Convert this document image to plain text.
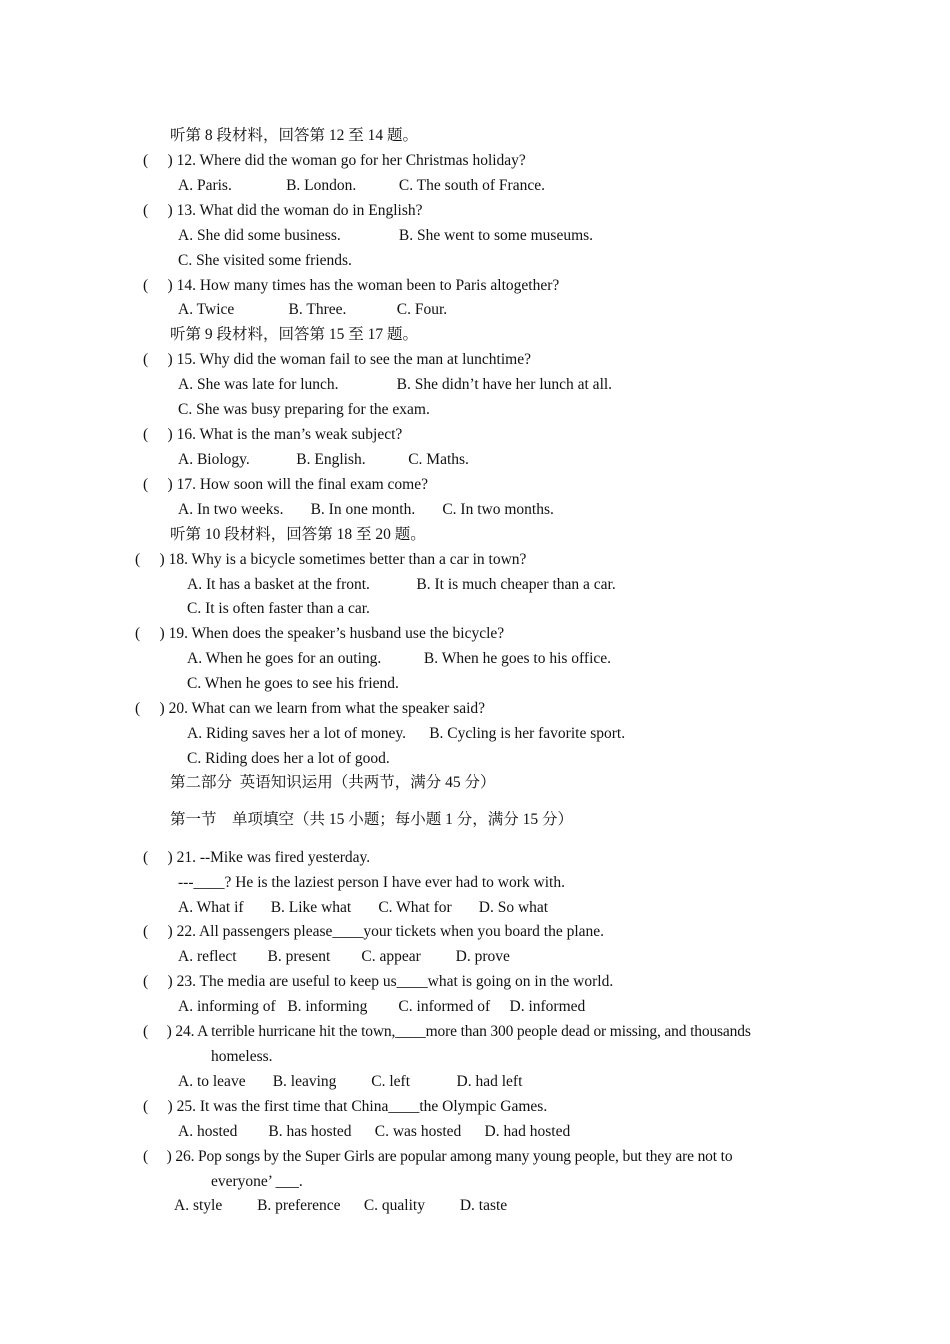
听第 8 段材料，回答第 12 至 14 题。
(     ) 12. Where did the woman go for her Christmas holiday?
A. Paris.              B. London.           C. The south of France.
(     ) 13. What did the woman do in English?
A. She did some business.               B. She went to some museums.
C. She visited some friends.
(     ) 14. How many times has the woman been to Paris altogether?
A. Twice              B. Three.             C. Four.
听第 9 段材料，回答第 15 至 17 题。
(     ) 15. Why did the woman fail to see the man at lunchtime?
A. She was late for lunch.               B. She didn’t have her lunch at all.
C. She was busy preparing for the exam.
(     ) 16. What is the man’s weak subject?
A. Biology.            B. English.           C. Maths.
(     ) 17. How soon will the final exam come?
A. In two weeks.       B. In one month.       C. In two months.
听第 10 段材料，回答第 18 至 20 题。
(     ) 18. Why is a bicycle sometimes better than a car in town?
A. It has a basket at the front.            B. It is much cheaper than a car.
C. It is often faster than a car.
(     ) 19. When does the speaker’s husband use the bicycle?
A. When he goes for an outing.           B. When he goes to his office.
C. When he goes to see his friend.
(     ) 20. What can we learn from what the speaker said?
A. Riding saves her a lot of money.      B. Cycling is her favorite sport.
C. Riding does her a lot of good.
第二部分  英语知识运用（共两节，满分 45 分）
第一节    单项填空（共 15 小题；每小题 1 分，满分 15 分）
(     ) 21. --Mike was fired yesterday.
---____? He is the laziest person I have ever had to work with.
A. What if       B. Like what       C. What for       D. So what
(     ) 22. All passengers please____your tickets when you board the plane.
A. reflect        B. present        C. appear         D. prove
(     ) 23. The media are useful to keep us____what is going on in the world.
A. informing of   B. informing        C. informed of     D. informed
(     ) 24. A terrible hurricane hit the town,____more than 300 people dead or missing, and thousands
homeless.
A. to leave       B. leaving         C. left            D. had left
(     ) 25. It was the first time that China____the Olympic Games.
A. hosted        B. has hosted      C. was hosted      D. had hosted
(     ) 26. Pop songs by the Super Girls are popular among many young people, but they are not to
everyone’ ___.
A. style         B. preference      C. quality         D. taste
